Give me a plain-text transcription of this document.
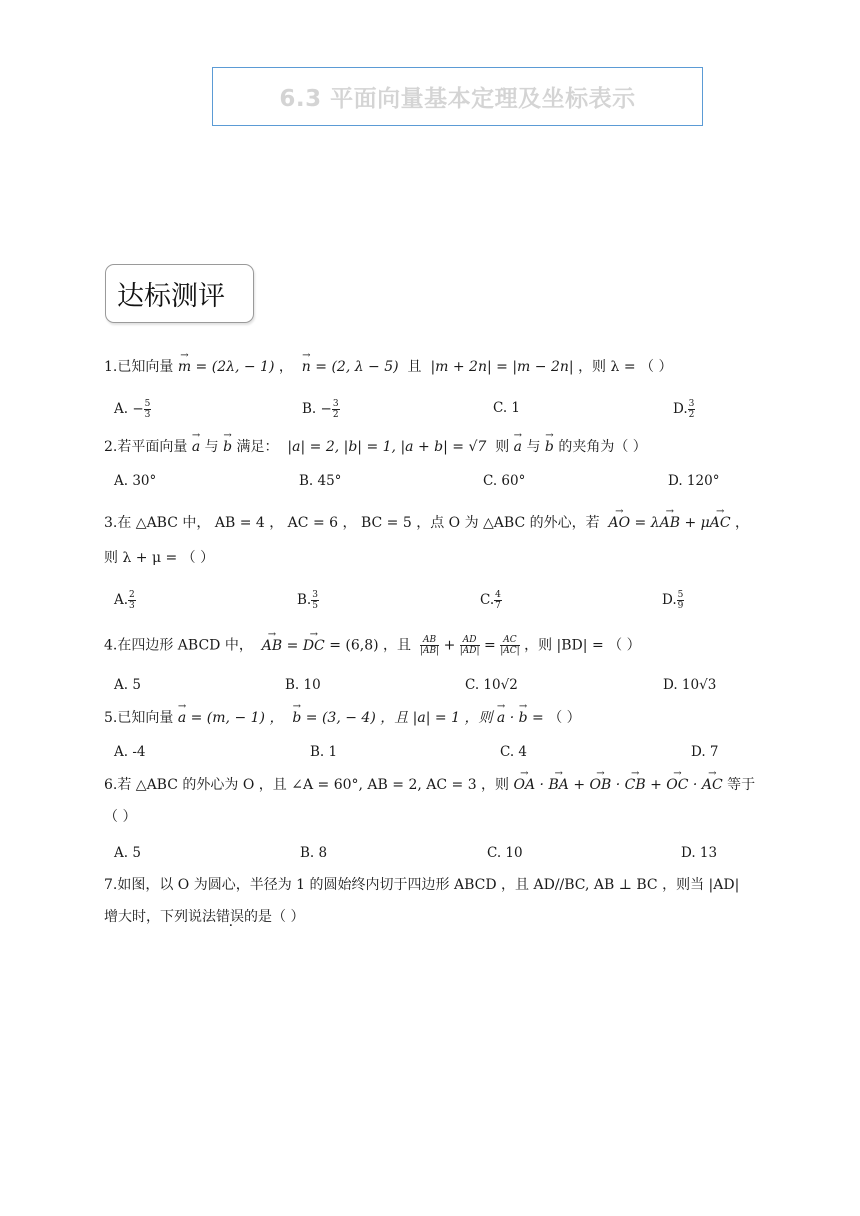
6.3 平面向量基本定理及坐标表示
达标测评
1.已知向量 → m = (2λ, − 1) ，  → n = (2, λ − 5) 且 |m + 2n| = |m − 2n| ，则 λ = （ ）
A. − $\frac{5}{3}$	B. − $\frac{3}{2}$	C. 1	D. $\frac{3}{2}$
2.若平面向量 → a 与 → b 满足： |a| = 2, |b| = 1, |a + b| = √7  则 → a 与 → b 的夹角为（ ）
A. 30°	B. 45°	C. 60°	D. 120°
3.在 △ABC 中， AB = 4 ， AC = 6 ， BC = 5 ，点 O 为 △ABC 的外心，若 → AO = λ→ AB + μ→ AC ，
则 λ + μ = （ ）
A. $\frac{2}{3}$	B. $\frac{3}{5}$	C. $\frac{4}{7}$	D. $\frac{5}{9}$
4.在四边形 ABCD 中， → AB = → DC = (6,8) ，且 $\frac{AB}{|AB|} + \frac{AD}{|AD|} = \frac{AC}{|AC|}$ ，则 |BD| = （ ）
A. 5	B. 10	C. 10√2	D. 10√3
5.已知向量 → a = (m, − 1) ， → b = (3, − 4) ，且 |a| = 1 ，则 → a · → b = （ ）
A. -4	B. 1	C. 4	D. 7
6.若 △ABC 的外心为 O ，且 ∠A = 60°, AB = 2, AC = 3 ，则 → OA · → BA + → OB · → CB + → OC · → AC 等于
（ ）
A. 5	B. 8	C. 10	D. 13
7.如图，以 O 为圆心，半径为 1 的圆始终内切于四边形 ABCD ，且 AD//BC, AB ⊥ BC ，则当 |AD|
增大时，下列说法错误的是（ ）
